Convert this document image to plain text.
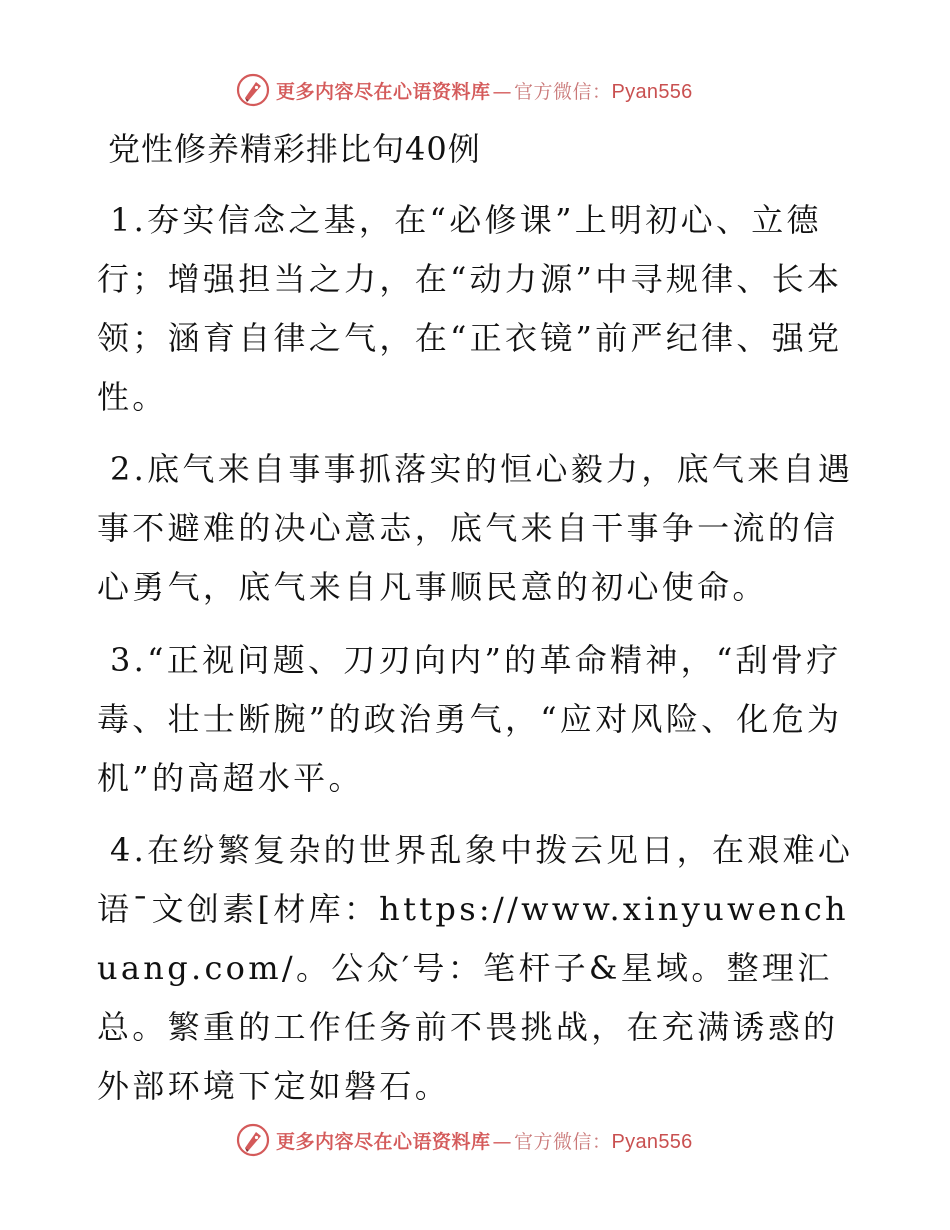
更多内容尽在心语资料库 — 官方微信： Pyan556
党性修养精彩排比句40例

1.夯实信念之基，在“必修课”上明初心、立德行；增强担当之力，在“动力源”中寻规律、长本领；涵育自律之气，在“正衣镜”前严纪律、强党性。

2.底气来自事事抓落实的恒心毅力，底气来自遇事不避难的决心意志，底气来自干事争一流的信心勇气，底气来自凡事顺民意的初心使命。

3.“正视问题、刀刃向内”的革命精神，“刮骨疗毒、壮士断腕”的政治勇气，“应对风险、化危为机”的高超水平。

4.在纷繁复杂的世界乱象中拨云见日，在艰难心语¯文创素[材库：https://www.xinyuwenchuang.com/。公众′号：笔杆子&星域。整理汇总。繁重的工作任务前不畏挑战，在充满诱惑的外部环境下定如磐石。

更多内容尽在心语资料库 — 官方微信： Pyan556
